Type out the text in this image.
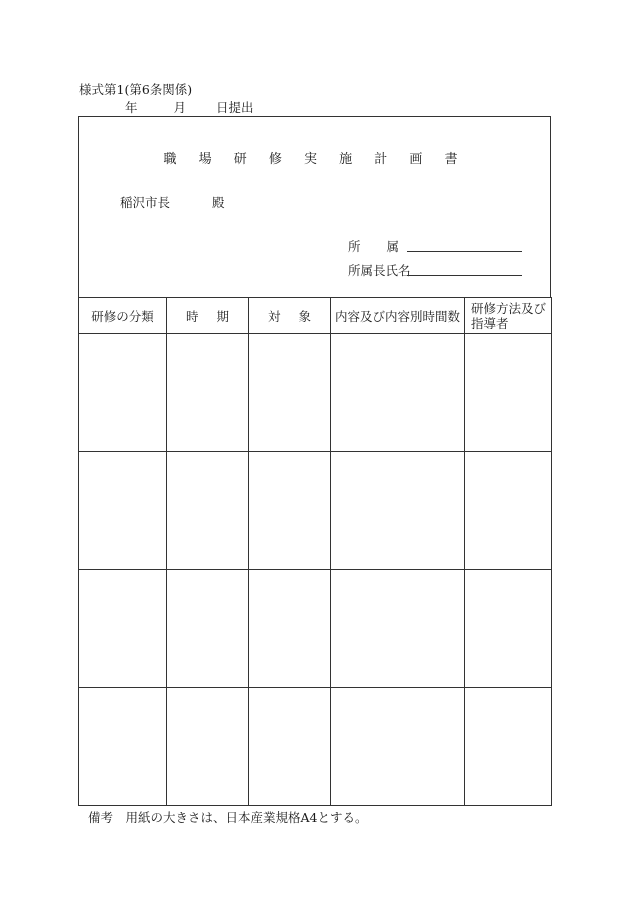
様式第1(第6条関係)
年	月 日提出
職 場 研 修 実 施 計 画 書
稲沢市長	殿
所属
所属長氏名
研修の分類	時期	対象	内容及び内容別時間数	研修方法及び指導者

備考　用紙の大きさは、日本産業規格A4とする。
